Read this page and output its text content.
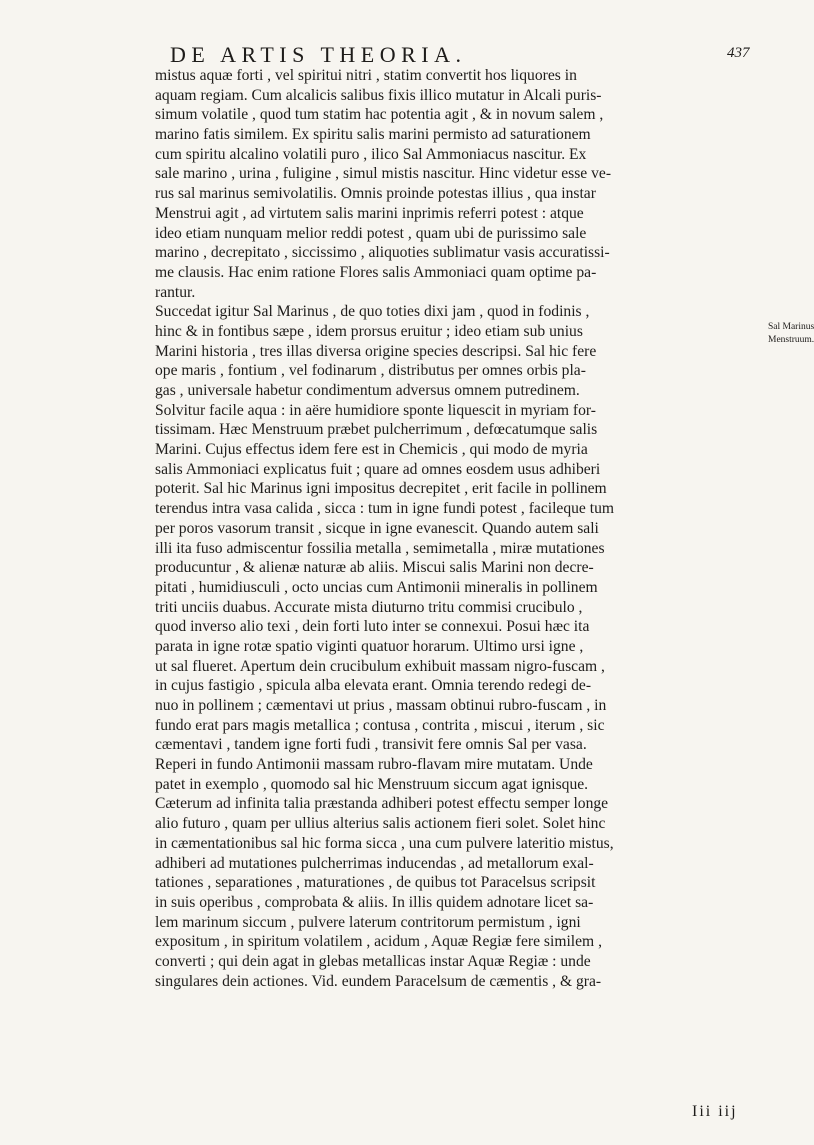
DE ARTIS THEORIA.	437
mistus aquæ forti , vel spiritui nitri , statim convertit hos liquores in
aquam regiam. Cum alcalicis salibus fixis illico mutatur in Alcali puris-
simum volatile , quod tum statim hac potentia agit , & in novum salem ,
marino fatis similem. Ex spiritu salis marini permisto ad saturationem
cum spiritu alcalino volatili puro , ilico Sal Ammoniacus nascitur. Ex
sale marino , urina , fuligine , simul mistis nascitur. Hinc videtur esse ve-
rus sal marinus semivolatilis. Omnis proinde potestas illius , qua instar
Menstrui agit , ad virtutem salis marini inprimis referri potest : atque
ideo etiam nunquam melior reddi potest , quam ubi de purissimo sale
marino , decrepitato , siccissimo , aliquoties sublimatur vasis accuratissi-
me clausis. Hac enim ratione Flores salis Ammoniaci quam optime pa-
rantur.
Succedat igitur Sal Marinus , de quo toties dixi jam , quod in fodinis ,
hinc & in fontibus sæpe , idem prorsus eruitur ; ideo etiam sub unius
Marini historia , tres illas diversa origine species descripsi. Sal hic fere
ope maris , fontium , vel fodinarum , distributus per omnes orbis pla-
gas , universale habetur condimentum adversus omnem putredinem.
Solvitur facile aqua : in aëre humidiore sponte liquescit in myriam for-
tissimam. Hæc Menstruum præbet pulcherrimum , defœcatumque salis
Marini. Cujus effectus idem fere est in Chemicis , qui modo de myria
salis Ammoniaci explicatus fuit ; quare ad omnes eosdem usus adhiberi
poterit. Sal hic Marinus igni impositus decrepitet , erit facile in pollinem
terendus intra vasa calida , sicca : tum in igne fundi potest , facileque tum
per poros vasorum transit , sicque in igne evanescit. Quando autem sali
illi ita fuso admiscentur fossilia metalla , semimetalla , miræ mutationes
producuntur , & alienæ naturæ ab aliis. Miscui salis Marini non decre-
pitati , humidiusculi , octo uncias cum Antimonii mineralis in pollinem
triti unciis duabus. Accurate mista diuturno tritu commisi crucibulo ,
quod inverso alio texi , dein forti luto inter se connexui. Posui hæc ita
parata in igne rotæ spatio viginti quatuor horarum. Ultimo ursi igne ,
ut sal flueret. Apertum dein crucibulum exhibuit massam nigro-fuscam ,
in cujus fastigio , spicula alba elevata erant. Omnia terendo redegi de-
nuo in pollinem ; cæmentavi ut prius , massam obtinui rubro-fuscam , in
fundo erat pars magis metallica ; contusa , contrita , miscui , iterum , sic
cæmentavi , tandem igne forti fudi , transivit fere omnis Sal per vasa.
Reperi in fundo Antimonii massam rubro-flavam mire mutatam. Unde
patet in exemplo , quomodo sal hic Menstruum siccum agat ignisque.
Cæterum ad infinita talia præstanda adhiberi potest effectu semper longe
alio futuro , quam per ullius alterius salis actionem fieri solet. Solet hinc
in cæmentationibus sal hic forma sicca , una cum pulvere lateritio mistus,
adhiberi ad mutationes pulcherrimas inducendas , ad metallorum exal-
tationes , separationes , maturationes , de quibus tot Paracelsus scripsit
in suis operibus , comprobata & aliis. In illis quidem adnotare licet sa-
lem marinum siccum , pulvere laterum contritorum permistum , igni
expositum , in spiritum volatilem , acidum , Aquæ Regiæ fere similem ,
converti ; qui dein agat in glebas metallicas instar Aquæ Regiæ : unde
singulares dein actiones. Vid. eundem Paracelsum de cæmentis , & gra-
Sal Marinus
Menstruum.
Iii iij
